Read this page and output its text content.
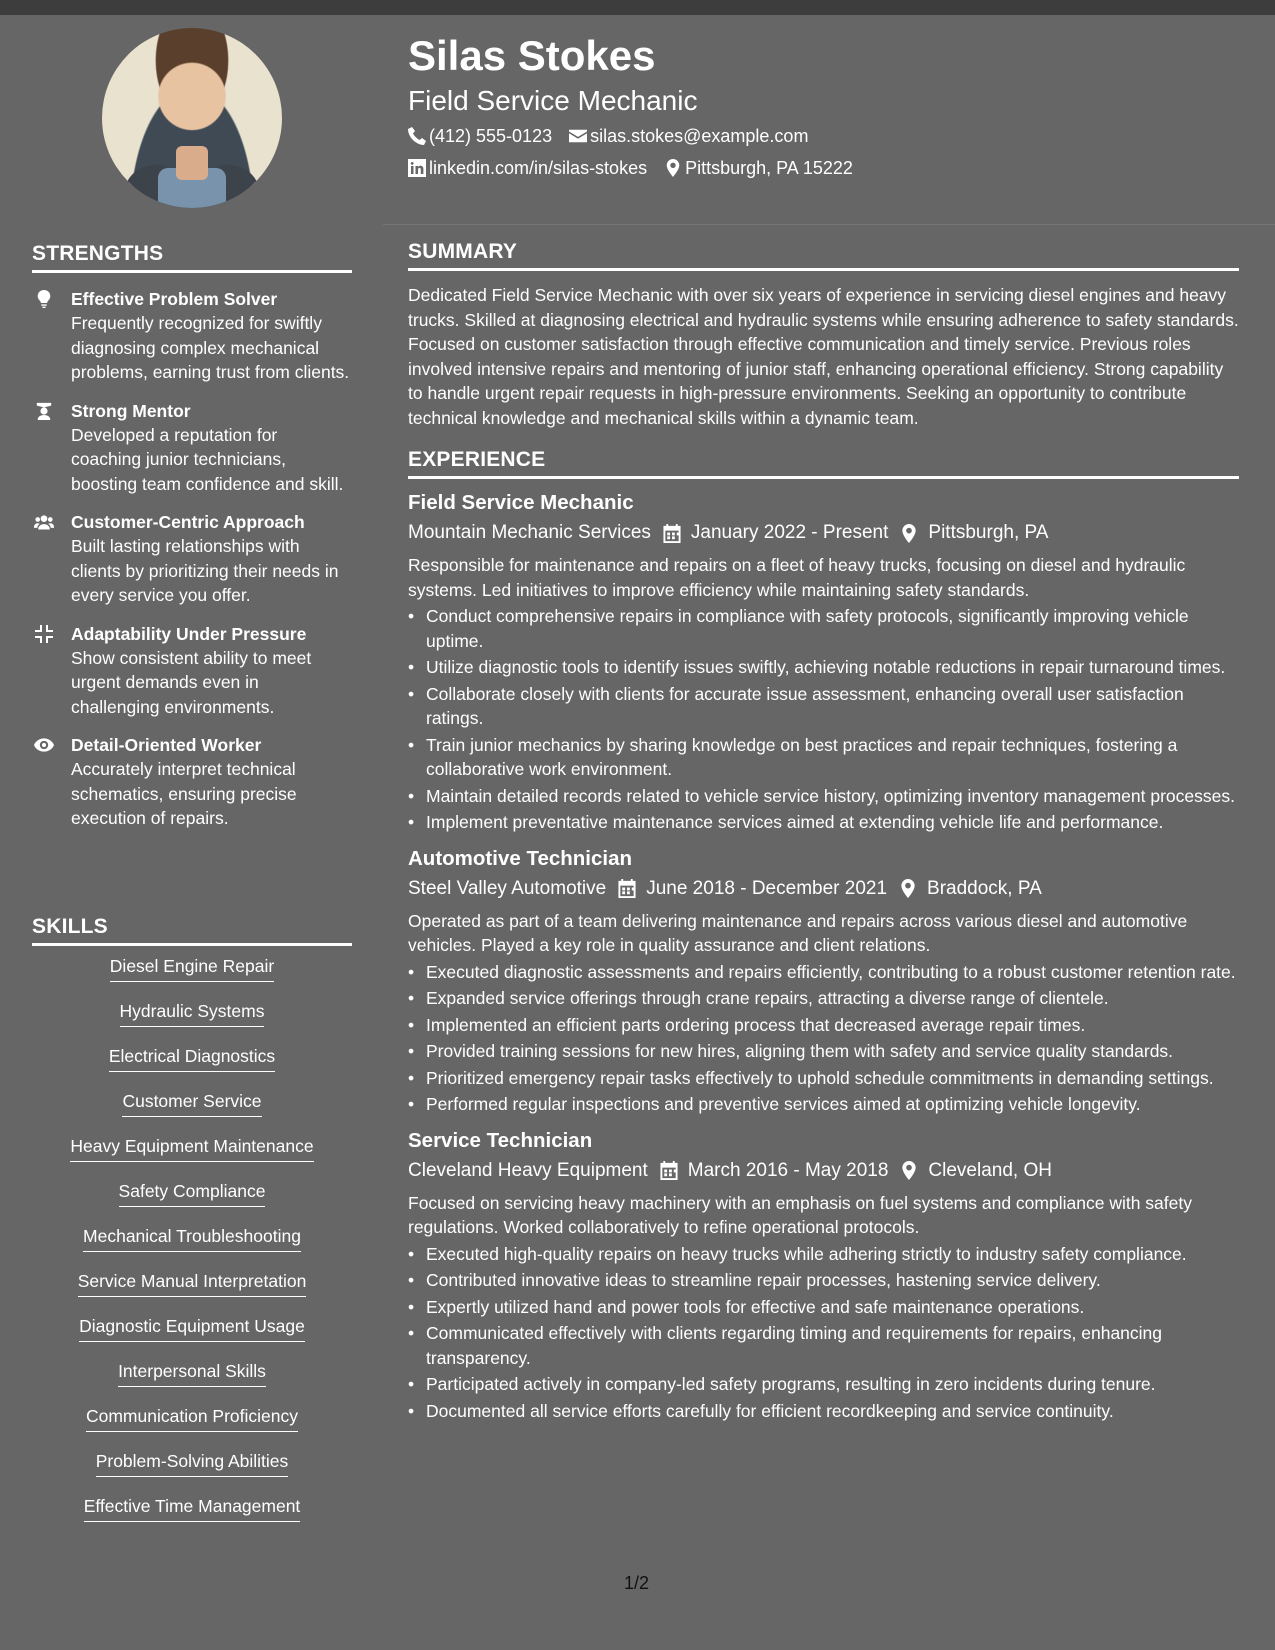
STRENGTHS
Effective Problem Solver
Frequently recognized for swiftly diagnosing complex mechanical problems, earning trust from clients.
Strong Mentor
Developed a reputation for coaching junior technicians, boosting team confidence and skill.
Customer-Centric Approach
Built lasting relationships with clients by prioritizing their needs in every service you offer.
Adaptability Under Pressure
Show consistent ability to meet urgent demands even in challenging environments.
Detail-Oriented Worker
Accurately interpret technical schematics, ensuring precise execution of repairs.
SKILLS
Diesel Engine Repair
Hydraulic Systems
Electrical Diagnostics
Customer Service
Heavy Equipment Maintenance
Safety Compliance
Mechanical Troubleshooting
Service Manual Interpretation
Diagnostic Equipment Usage
Interpersonal Skills
Communication Proficiency
Problem-Solving Abilities
Effective Time Management
Silas Stokes
Field Service Mechanic
(412) 555-0123 silas.stokes@example.com
linkedin.com/in/silas-stokes Pittsburgh, PA 15222
SUMMARY
Dedicated Field Service Mechanic with over six years of experience in servicing diesel engines and heavy trucks. Skilled at diagnosing electrical and hydraulic systems while ensuring adherence to safety standards. Focused on customer satisfaction through effective communication and timely service. Previous roles involved intensive repairs and mentoring of junior staff, enhancing operational efficiency. Strong capability to handle urgent repair requests in high-pressure environments. Seeking an opportunity to contribute technical knowledge and mechanical skills within a dynamic team.
EXPERIENCE
Field Service Mechanic
Mountain Mechanic Services January 2022 - Present Pittsburgh, PA
Responsible for maintenance and repairs on a fleet of heavy trucks, focusing on diesel and hydraulic systems. Led initiatives to improve efficiency while maintaining safety standards.
• Conduct comprehensive repairs in compliance with safety protocols, significantly improving vehicle uptime.
• Utilize diagnostic tools to identify issues swiftly, achieving notable reductions in repair turnaround times.
• Collaborate closely with clients for accurate issue assessment, enhancing overall user satisfaction ratings.
• Train junior mechanics by sharing knowledge on best practices and repair techniques, fostering a collaborative work environment.
• Maintain detailed records related to vehicle service history, optimizing inventory management processes.
• Implement preventative maintenance services aimed at extending vehicle life and performance.
Automotive Technician
Steel Valley Automotive June 2018 - December 2021 Braddock, PA
Operated as part of a team delivering maintenance and repairs across various diesel and automotive vehicles. Played a key role in quality assurance and client relations.
• Executed diagnostic assessments and repairs efficiently, contributing to a robust customer retention rate.
• Expanded service offerings through crane repairs, attracting a diverse range of clientele.
• Implemented an efficient parts ordering process that decreased average repair times.
• Provided training sessions for new hires, aligning them with safety and service quality standards.
• Prioritized emergency repair tasks effectively to uphold schedule commitments in demanding settings.
• Performed regular inspections and preventive services aimed at optimizing vehicle longevity.
Service Technician
Cleveland Heavy Equipment March 2016 - May 2018 Cleveland, OH
Focused on servicing heavy machinery with an emphasis on fuel systems and compliance with safety regulations. Worked collaboratively to refine operational protocols.
• Executed high-quality repairs on heavy trucks while adhering strictly to industry safety compliance.
• Contributed innovative ideas to streamline repair processes, hastening service delivery.
• Expertly utilized hand and power tools for effective and safe maintenance operations.
• Communicated effectively with clients regarding timing and requirements for repairs, enhancing transparency.
• Participated actively in company-led safety programs, resulting in zero incidents during tenure.
• Documented all service efforts carefully for efficient recordkeeping and service continuity.
1/2
